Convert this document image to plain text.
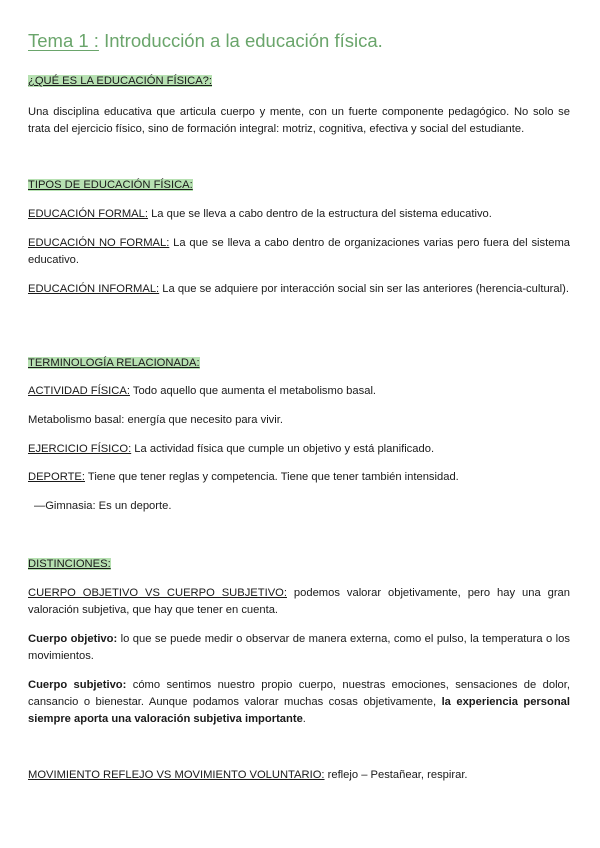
Tema 1 : Introducción a la educación física.
¿QUÉ ES LA EDUCACIÓN FÍSICA?:
Una disciplina educativa que articula cuerpo y mente, con un fuerte componente pedagógico. No solo se trata del ejercicio físico, sino de formación integral: motriz, cognitiva, efectiva y social del estudiante.
TIPOS DE EDUCACIÓN FÍSICA:
EDUCACIÓN FORMAL: La que se lleva a cabo dentro de la estructura del sistema educativo.
EDUCACIÓN NO FORMAL: La que se lleva a cabo dentro de organizaciones varias pero fuera del sistema educativo.
EDUCACIÓN INFORMAL: La que se adquiere por interacción social sin ser las anteriores (herencia-cultural).
TERMINOLOGÍA RELACIONADA:
ACTIVIDAD FÍSICA: Todo aquello que aumenta el metabolismo basal.
Metabolismo basal: energía que necesito para vivir.
EJERCICIO FÍSICO: La actividad física que cumple un objetivo y está planificado.
DEPORTE: Tiene que tener reglas y competencia. Tiene que tener también intensidad.
—Gimnasia: Es un deporte.
DISTINCIONES:
CUERPO OBJETIVO VS CUERPO SUBJETIVO: podemos valorar objetivamente, pero hay una gran valoración subjetiva, que hay que tener en cuenta.
Cuerpo objetivo: lo que se puede medir o observar de manera externa, como el pulso, la temperatura o los movimientos.
Cuerpo subjetivo: cómo sentimos nuestro propio cuerpo, nuestras emociones, sensaciones de dolor, cansancio o bienestar. Aunque podamos valorar muchas cosas objetivamente, la experiencia personal siempre aporta una valoración subjetiva importante.
MOVIMIENTO REFLEJO VS MOVIMIENTO VOLUNTARIO: reflejo – Pestañear, respirar.
